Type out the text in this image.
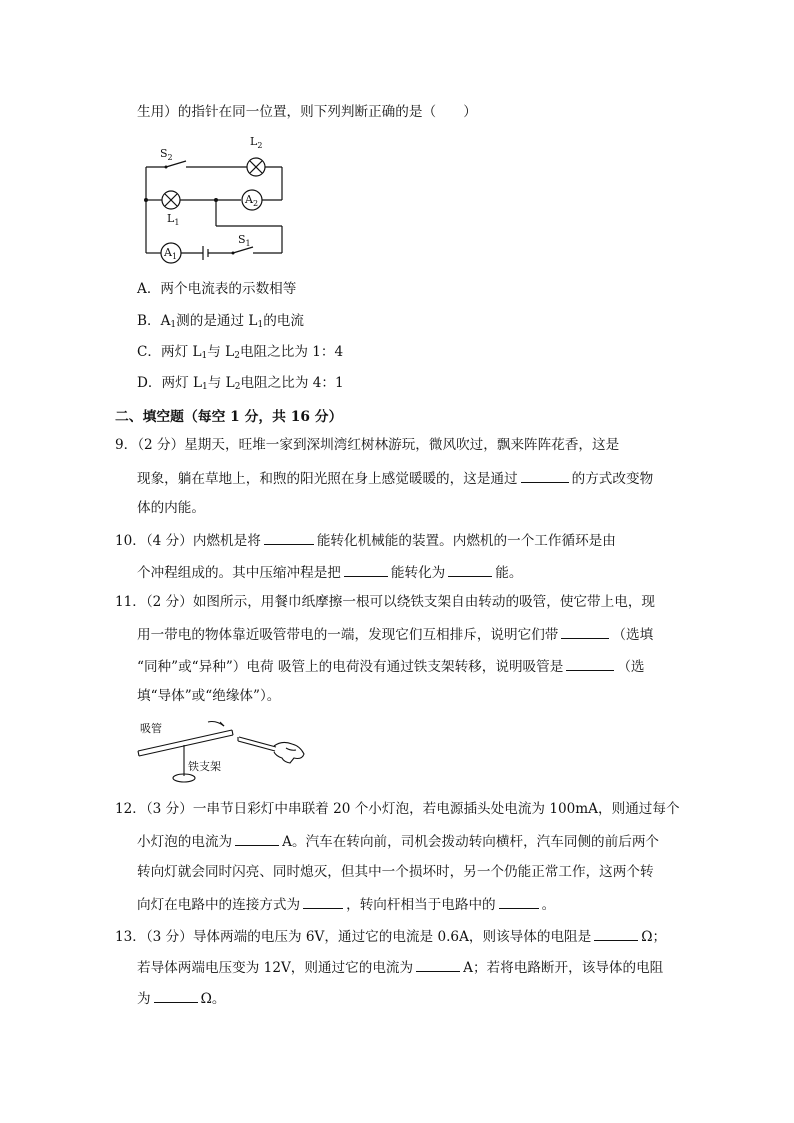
生用）的指针在同一位置，则下列判断正确的是（　　）
$S_2$
$L_2$
$L_1$
$A_2$
$A_1$
$S_1$
A．两个电流表的示数相等
B．$A_1$测的是通过 $L_1$的电流
C．两灯 $L_1$与 $L_2$电阻之比为 1：4
D．两灯 $L_1$与 $L_2$电阻之比为 4：1
二、填空题（每空 1 分，共 16 分）
9．（2 分）星期天，旺堆一家到深圳湾红树林游玩，微风吹过，飘来阵阵花香，这是
现象，躺在草地上，和煦的阳光照在身上感觉暖暖的，这是通过	的方式改变物
体的内能。
10．（4 分）内燃机是将	能转化机械能的装置。内燃机的一个工作循环是由
个冲程组成的。其中压缩冲程是把	能转化为	能。
11．（2 分）如图所示，用餐巾纸摩擦一根可以绕铁支架自由转动的吸管，使它带上电，现
用一带电的物体靠近吸管带电的一端，发现它们互相排斥，说明它们带	（选填
“同种”或“异种”）电荷 吸管上的电荷没有通过铁支架转移，说明吸管是	（选
填“导体”或“绝缘体”）。
吸管
铁支架
12．（3 分）一串节日彩灯中串联着 20 个小灯泡，若电源插头处电流为 100mA，则通过每个
小灯泡的电流为	A。汽车在转向前，司机会拨动转向横杆，汽车同侧的前后两个
转向灯就会同时闪亮、同时熄灭，但其中一个损坏时，另一个仍能正常工作，这两个转
向灯在电路中的连接方式为	，转向杆相当于电路中的	。
13．（3 分）导体两端的电压为 6V，通过它的电流是 0.6A，则该导体的电阻是	Ω；
若导体两端电压变为 12V，则通过它的电流为	A；若将电路断开，该导体的电阻
为	Ω。
